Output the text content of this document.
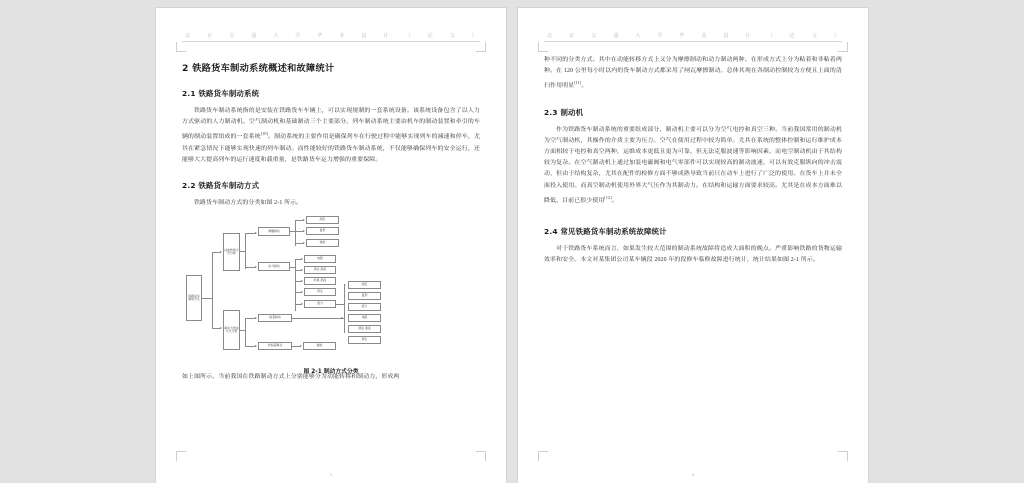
北	京	交	通	大	学	毕	业	设	计	（	论	文	）
2 铁路货车制动系统概述和故障统计
2.1 铁路货车制动系统

铁路货车制动系统指的是安装在铁路货车车辆上，可以实现规制的一套系统设备。该系统设备包含了以人力方式驱动的人力制动机、空气制动机和基础制动三个主要部分。列车制动系统主要由机车的制动装置和牵引的车辆的制动装置组成的一套系统[10]。制动系统的主要作用是确保列车在行驶过程中能够实现列车的减速和停车，尤其在紧急情况下能够实现快速的列车制动。而性能较好的铁路货车制动系统，不仅能够确保列车的安全运行，还能够大大提高列车的运行速度和载重量，是铁路货车运力增强的重要保障。

2.2 铁路货车制动方式

铁路货车制动方式的分类如图 2-1 所示。

铁路货车制动方式
动能转移方式分类
制动力形成方式分类
摩擦制动
动力制动
闸瓦
盘形
磁轨
电阻
再生 涡流
料星 涡流
再生
液力
闸瓦
盘形
液力
电阻
涡流 液流
再生
粘着制动
非粘着制动	磁轨
图 2-1 制动方式分类

如上图所示。当前我国在铁路制动方式上分别能够分为动能转移和制动力，形成两

3
北	京	交	通	大	学	毕	业	设	计	（	论	文	）

种不同的分类方式。其中在动能转移方式上又分为摩擦制动和动力制动两种。在形成方式上分为粘着和非粘着两种。在 120 公里每小时以内的货车制动方式都采用了闸瓦摩擦制动。总体其现在各制动控制较为方便且上面的清扫作用明显[11]。

2.3 制动机

作为铁路货车制动系统的重要组成部分，制动机主要可以分为空气电控和真空三种。当前我国常用的制动机为空气制动机，其操作的介质主要为压力。空气在使用过程中较为简单。尤其在系统的整体控制和运行维护成本方面相较于电控和真空两种，运维成本更低且更为可靠。但无法克服波速等影响因素。而电空制动机由于其结构较为复杂。在空气制动机上通过加装电磁阀和电气零部件可以实现较高的制动波速，可以有效克服纵向的冲击震动，但由于结构复杂，尤其在配件的检修方面不够成熟导致当前只在动车上进行了广泛的使用。在货车上并未全面投入使用。而真空制动机使用外界大气压作为其制动力。在结构和运输方面要求较高。尤其是在成本方面难以降低，目前已很少使用[12]。

2.4 常见铁路货车制动系统故障统计

对于铁路货车系统而言，如果发生较大范围的制动系统故障将造成大面积的晚点。严重影响铁路的货物运输效率和安全。本文对某集团公司某车辆段 2020 年的段修车临修故障进行统计，统计结果如图 2-1 所示。

4
